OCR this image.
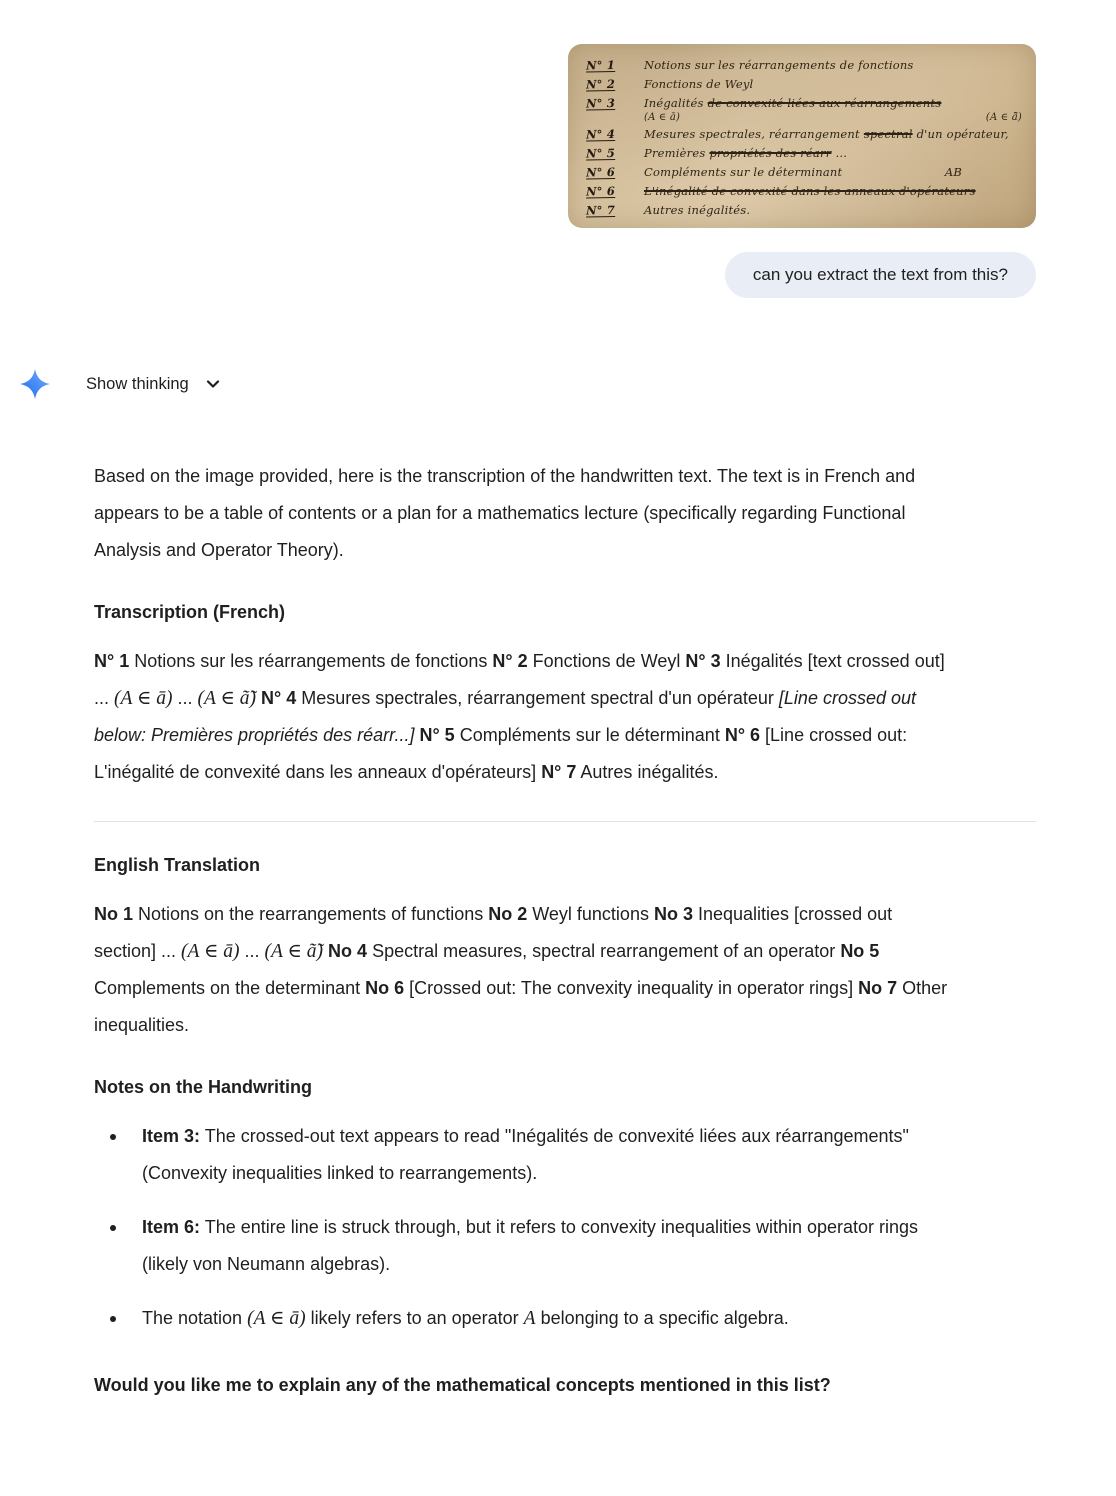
N° 1	Notions sur les réarrangements de fonctions
N° 2	Fonctions de Weyl
N° 3	Inégalités de convexité liées aux réarrangements
(A ∈ ā)	(A ∈ ã̃)
N° 4	Mesures spectrales, réarrangement spectral d'un opérateur,
N° 5	Premières propriétés des réarr …
N° 6	Compléments sur le déterminant	AB
N° 6	L'inégalité de convexité dans les anneaux d'opérateurs
N° 7	Autres inégalités.
can you extract the text from this?
Show thinking

Based on the image provided, here is the transcription of the handwritten text. The text is in French and appears to be a table of contents or a plan for a mathematics lecture (specifically regarding Functional Analysis and Operator Theory).

Transcription (French)

N° 1 Notions sur les réarrangements de fonctions N° 2 Fonctions de Weyl N° 3 Inégalités [text crossed out] ... (A ∈ ā) ... (A ∈ ã̃) N° 4 Mesures spectrales, réarrangement spectral d'un opérateur [Line crossed out below: Premières propriétés des réarr...] N° 5 Compléments sur le déterminant N° 6 [Line crossed out: L'inégalité de convexité dans les anneaux d'opérateurs] N° 7 Autres inégalités.

English Translation

No 1 Notions on the rearrangements of functions No 2 Weyl functions No 3 Inequalities [crossed out section] ... (A ∈ ā) ... (A ∈ ã̃) No 4 Spectral measures, spectral rearrangement of an operator No 5 Complements on the determinant No 6 [Crossed out: The convexity inequality in operator rings] No 7 Other inequalities.

Notes on the Handwriting
Item 3: The crossed-out text appears to read "Inégalités de convexité liées aux réarrangements" (Convexity inequalities linked to rearrangements).
Item 6: The entire line is struck through, but it refers to convexity inequalities within operator rings (likely von Neumann algebras).
The notation (A ∈ ā) likely refers to an operator A belonging to a specific algebra.

Would you like me to explain any of the mathematical concepts mentioned in this list?
